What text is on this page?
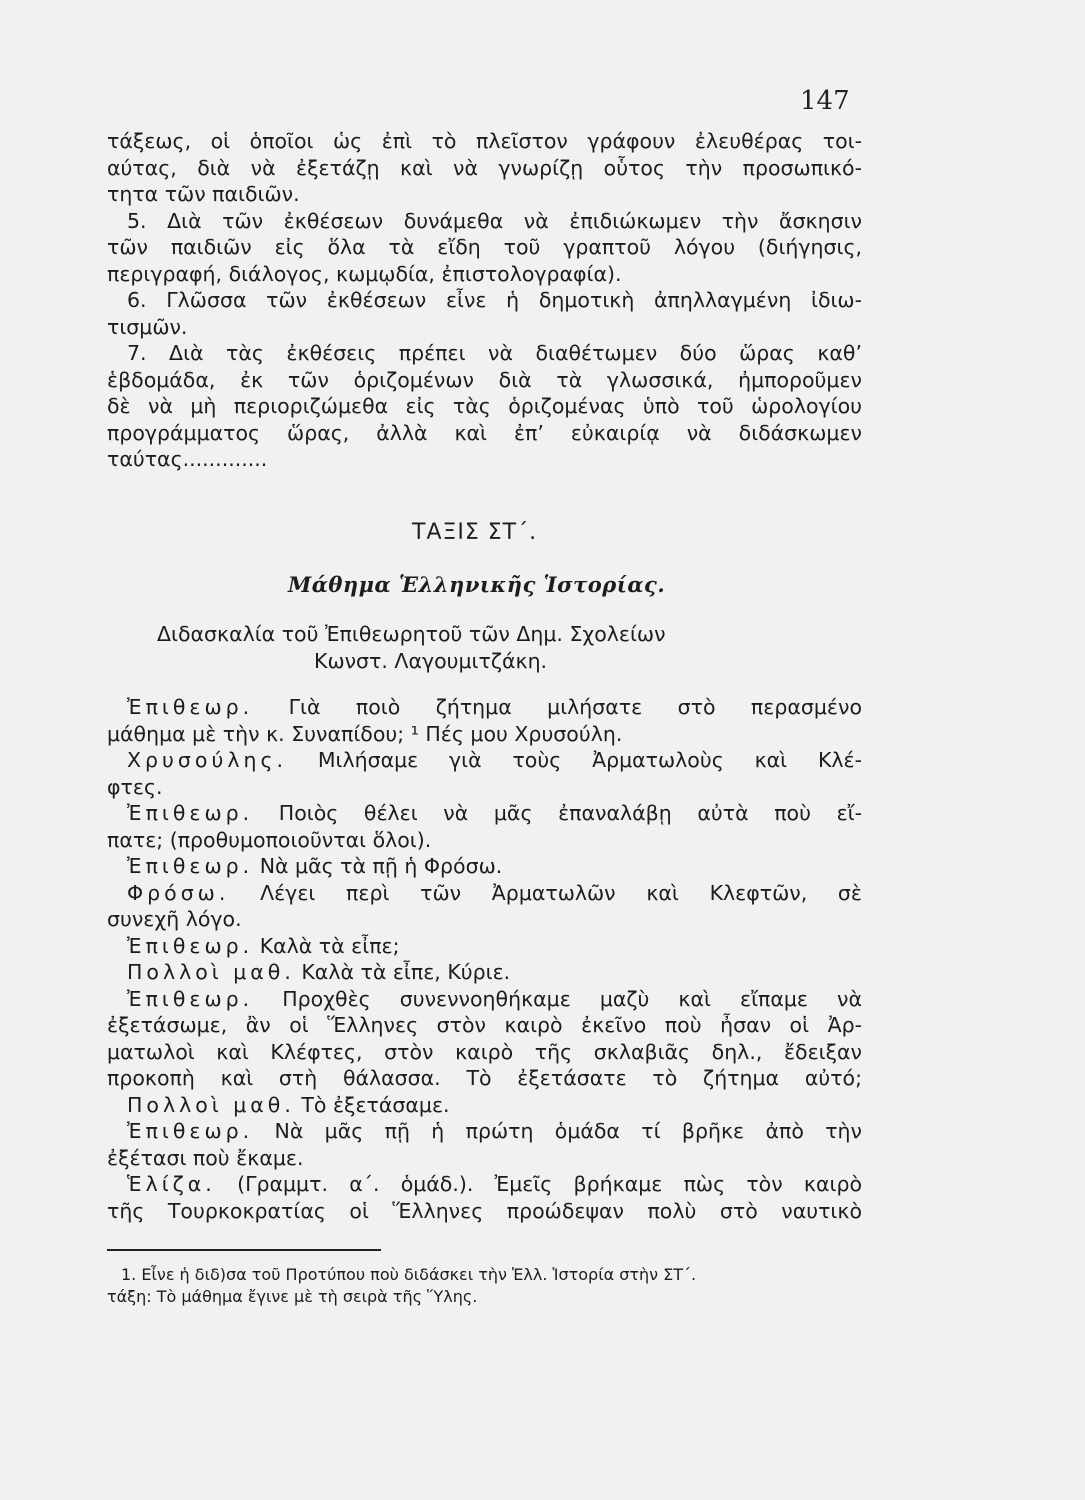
147
τάξεως, οἱ ὁποῖοι ὡς ἐπὶ τὸ πλεῖστον γράφουν ἐλευθέρας τοι-
αύτας, διὰ νὰ ἐξετάζῃ καὶ νὰ γνωρίζῃ οὗτος τὴν προσωπικό-
τητα τῶν παιδιῶν.
5. Διὰ τῶν ἐκθέσεων δυνάμεθα νὰ ἐπιδιώκωμεν τὴν ἄσκησιν
τῶν παιδιῶν εἰς ὅλα τὰ εἴδη τοῦ γραπτοῦ λόγου (διήγησις,
περιγραφή, διάλογος, κωμῳδία, ἐπιστολογραφία).
6. Γλῶσσα τῶν ἐκθέσεων εἶνε ἡ δημοτικὴ ἀπηλλαγμένη ἰδιω-
τισμῶν.
7. Διὰ τὰς ἐκθέσεις πρέπει νὰ διαθέτωμεν δύο ὥρας καθ’
ἑβδομάδα, ἐκ τῶν ὁριζομένων διὰ τὰ γλωσσικά, ἠμποροῦμεν
δὲ νὰ μὴ περιοριζώμεθα εἰς τὰς ὁριζομένας ὑπὸ τοῦ ὡρολογίου
προγράμματος ὥρας, ἀλλὰ καὶ ἐπ’ εὐκαιρίᾳ νὰ διδάσκωμεν
ταύτας.............
ΤΑΞΙΣ ΣΤ΄.
Μάθημα Ἑλληνικῆς Ἱστορίας.
Διδασκαλία τοῦ Ἐπιθεωρητοῦ τῶν Δημ. Σχολείων
Κωνστ. Λαγουμιτζάκη.
Ἐπιθεωρ. Γιὰ ποιὸ ζήτημα μιλήσατε στὸ περασμένο
μάθημα μὲ τὴν κ. Συναπίδου; ¹ Πές μου Χρυσούλη.
Χρυσούλης. Μιλήσαμε γιὰ τοὺς Ἀρματωλοὺς καὶ Κλέ-
φτες.
Ἐπιθεωρ. Ποιὸς θέλει νὰ μᾶς ἐπαναλάβῃ αὐτὰ ποὺ εἴ-
πατε; (προθυμοποιοῦνται ὅλοι).
Ἐπιθεωρ. Νὰ μᾶς τὰ πῇ ἡ Φρόσω.
Φρόσω. Λέγει περὶ τῶν Ἀρματωλῶν καὶ Κλεφτῶν, σὲ
συνεχῆ λόγο.
Ἐπιθεωρ. Καλὰ τὰ εἶπε;
Πολλοὶ μαθ. Καλὰ τὰ εἶπε, Κύριε.
Ἐπιθεωρ. Προχθὲς συνεννοηθήκαμε μαζὺ καὶ εἴπαμε νὰ
ἐξετάσωμε, ἂν οἱ Ἕλληνες στὸν καιρὸ ἐκεῖνο ποὺ ἦσαν οἱ Ἀρ-
ματωλοὶ καὶ Κλέφτες, στὸν καιρὸ τῆς σκλαβιᾶς δηλ., ἔδειξαν
προκοπὴ καὶ στὴ θάλασσα. Τὸ ἐξετάσατε τὸ ζήτημα αὐτό;
Πολλοὶ μαθ. Τὸ ἐξετάσαμε.
Ἐπιθεωρ. Νὰ μᾶς πῇ ἡ πρώτη ὁμάδα τί βρῆκε ἀπὸ τὴν
ἐξέτασι ποὺ ἔκαμε.
Ἑλίζα. (Γραμμτ. α΄. ὁμάδ.). Ἐμεῖς βρήκαμε πὼς τὸν καιρὸ
τῆς Τουρκοκρατίας οἱ Ἕλληνες προώδεψαν πολὺ στὸ ναυτικὸ
1. Εἶνε ἡ διδ)σα τοῦ Προτύπου ποὺ διδάσκει τὴν Ἑλλ. Ἱστορία στὴν ΣΤ΄.
τάξη: Τὸ μάθημα ἔγινε μὲ τὴ σειρὰ τῆς Ὕλης.
